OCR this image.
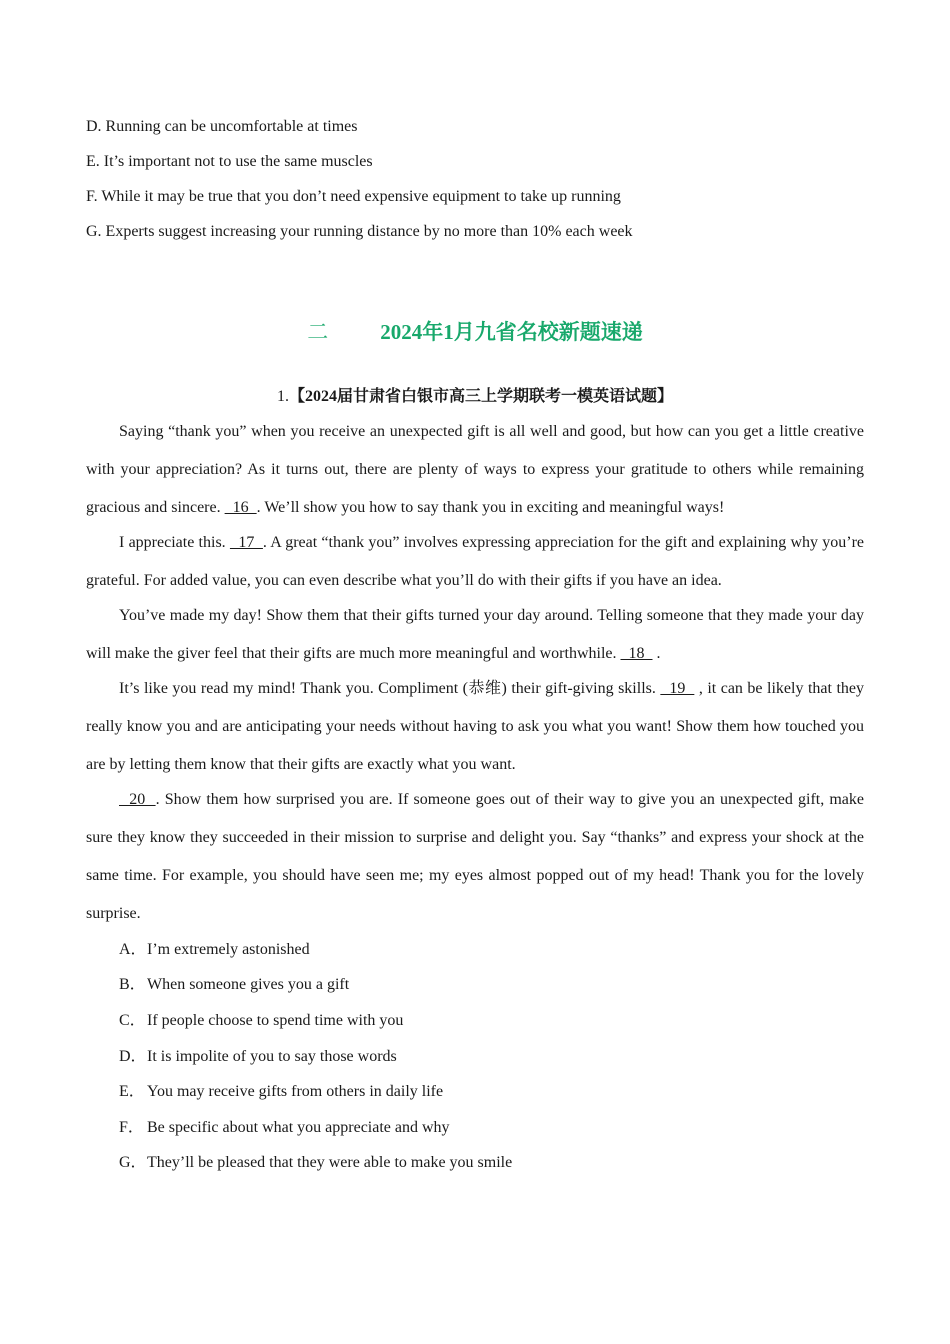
D. Running can be uncomfortable at times
E. It’s important not to use the same muscles
F. While it may be true that you don’t need expensive equipment to take up running
G. Experts suggest increasing your running distance by no more than 10% each week
二 2024年1月九省名校新题速递
1.【2024届甘肃省白银市高三上学期联考一模英语试题】

Saying “thank you” when you receive an unexpected gift is all well and good, but how can you get a little creative with your appreciation? As it turns out, there are plenty of ways to express your gratitude to others while remaining gracious and sincere.   16  . We’ll show you how to say thank you in exciting and meaningful ways!

I appreciate this.   17  . A great “thank you” involves expressing appreciation for the gift and explaining why you’re grateful. For added value, you can even describe what you’ll do with their gifts if you have an idea.

You’ve made my day! Show them that their gifts turned your day around. Telling someone that they made your day will make the giver feel that their gifts are much more meaningful and worthwhile.   18   .

It’s like you read my mind! Thank you. Compliment (恭维) their gift-giving skills.   19   , it can be likely that they really know you and are anticipating your needs without having to ask you what you want! Show them how touched you are by letting them know that their gifts are exactly what you want.

20  . Show them how surprised you are. If someone goes out of their way to give you an unexpected gift, make sure they know they succeeded in their mission to surprise and delight you. Say “thanks” and express your shock at the same time. For example, you should have seen me; my eyes almost popped out of my head! Thank you for the lovely surprise.

A．I’m extremely astonished
B．When someone gives you a gift
C．If people choose to spend time with you
D．It is impolite of you to say those words
E． You may receive gifts from others in daily life
F． Be specific about what you appreciate and why
G．They’ll be pleased that they were able to make you smile
